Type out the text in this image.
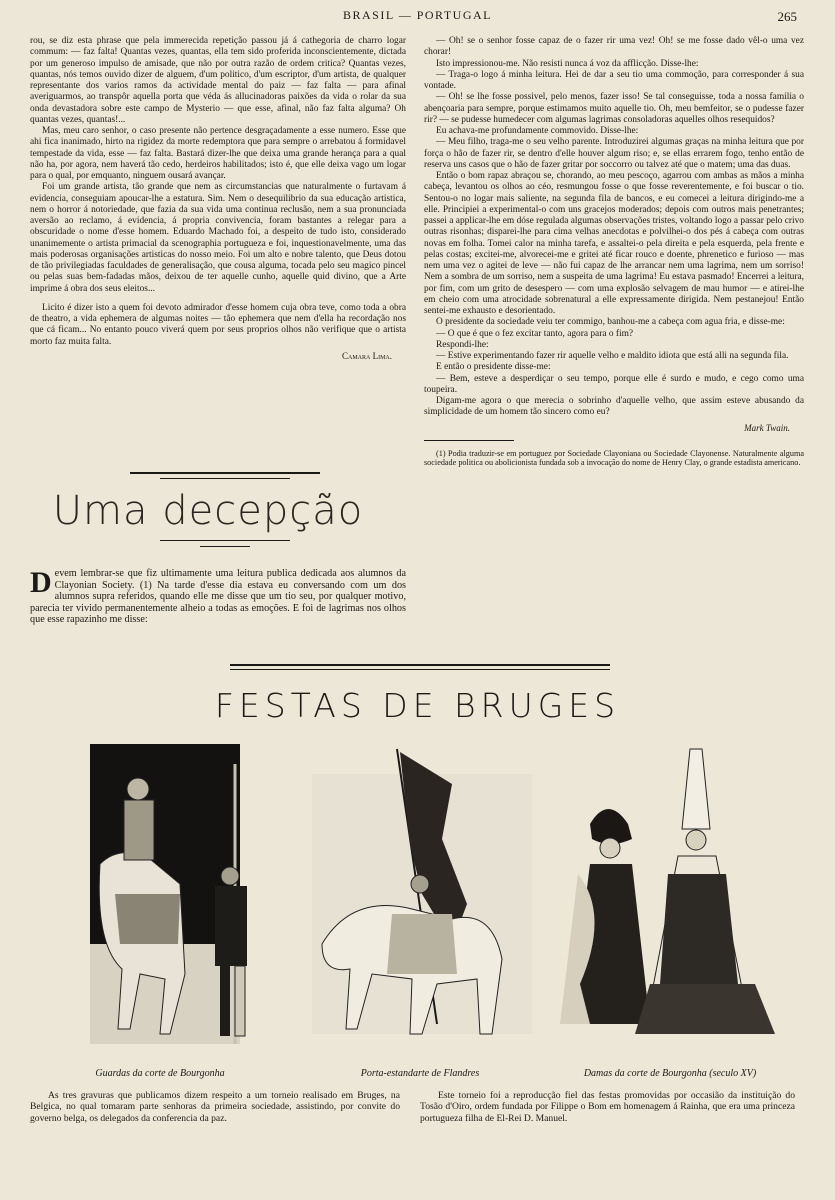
BRASIL — PORTUGAL	265

rou, se diz esta phrase que pela immerecida repetição passou já á cathegoria de charro logar commum: — faz falta! Quantas vezes, quantas, ella tem sido proferida inconscientemente, dictada por um generoso impulso de amisade, que não por outra razão de ordem critica? Quantas vezes, quantas, nós temos ouvido dizer de alguem, d'um politico, d'um escriptor, d'um artista, de qualquer representante dos varios ramos da actividade mental do paiz — faz falta — para afinal averiguarmos, ao transpôr aquella porta que véda ás allucinadoras paixões da vida o rolar da sua onda devastadora sobre este campo de Mysterio — que esse, afinal, não faz falta alguma? Oh quantas vezes, quantas!...

Mas, meu caro senhor, o caso presente não pertence desgraçadamente a esse numero. Esse que ahi fica inanimado, hirto na rigidez da morte redemptora que para sempre o arrebatou á formidavel tempestade da vida, esse — faz falta. Bastará dizer-lhe que deixa uma grande herança para a qual não ha, por agora, nem haverá tão cedo, herdeiros habilitados; isto é, que elle deixa vago um logar para o qual, por emquanto, ninguem ousará avançar.

Foi um grande artista, tão grande que nem as circumstancias que naturalmente o furtavam á evidencia, conseguiam apoucar-lhe a estatura. Sim. Nem o desequilibrio da sua educação artistica, nem o horror á notoriedade, que fazia da sua vida uma continua reclusão, nem a sua pronunciada aversão ao reclamo, á evidencia, á propria convivencia, foram bastantes a relegar para a obscuridade o nome d'esse homem. Eduardo Machado foi, a despeito de tudo isto, considerado unanimemente o artista primacial da scenographia portugueza e foi, inquestionavelmente, uma das mais poderosas organisações artisticas do nosso meio. Foi um alto e nobre talento, que Deus dotou de tão privilegiadas faculdades de generalisação, que cousa alguma, tocada pelo seu magico pincel ou pelas suas bem-fadadas mãos, deixou de ter aquelle cunho, aquelle quid divino, que a Arte imprime á obra dos seus eleitos...

Licito é dizer isto a quem foi devoto admirador d'esse homem cuja obra teve, como toda a obra de theatro, a vida ephemera de algumas noites — tão ephemera que nem d'ella ha recordação nos que cá ficam... No entanto pouco viverá quem por seus proprios olhos não verifique que o artista morto faz muita falta.

Camara Lima.
Uma decepção
Devem lembrar-se que fiz ultimamente uma leitura publica dedicada aos alumnos da Clayonian Society. (1) Na tarde d'esse dia estava eu conversando com um dos alumnos supra referidos, quando elle me disse que um tio seu, por qualquer motivo, parecia ter vivido permanentemente alheio a todas as emoções. E foi de lagrimas nos olhos que esse rapazinho me disse:

— Oh! se o senhor fosse capaz de o fazer rir uma vez! Oh! se me fosse dado vêl-o uma vez chorar!

Isto impressionou-me. Não resisti nunca á voz da afflicção. Disse-lhe:

— Traga-o logo á minha leitura. Hei de dar a seu tio uma commoção, para corresponder á sua vontade.

— Oh! se lhe fosse possivel, pelo menos, fazer isso! Se tal conseguisse, toda a nossa familia o abençoaria para sempre, porque estimamos muito aquelle tio. Oh, meu bemfeitor, se o pudesse fazer rir? — se pudesse humedecer com algumas lagrimas consoladoras aquelles olhos resequidos?

Eu achava-me profundamente commovido. Disse-lhe:

— Meu filho, traga-me o seu velho parente. Introduzirei algumas graças na minha leitura que por força o hão de fazer rir, se dentro d'elle houver algum riso; e, se ellas errarem fogo, tenho então de reserva uns casos que o hão de fazer gritar por soccorro ou talvez até que o matem; uma das duas.

Então o bom rapaz abraçou se, chorando, ao meu pescoço, agarrou com ambas as mãos a minha cabeça, levantou os olhos ao céo, resmungou fosse o que fosse reverentemente, e foi buscar o tio. Sentou-o no logar mais saliente, na segunda fila de bancos, e eu comecei a leitura dirigindo-me a elle. Principiei a experimental-o com uns gracejos moderados; depois com outros mais penetrantes; passei a applicar-lhe em dóse regulada algumas observações tristes, voltando logo a passar pelo crivo outras risonhas; disparei-lhe para cima velhas anecdotas e polvilhei-o dos pés á cabeça com outras novas em folha. Tomei calor na minha tarefa, e assaltei-o pela direita e pela esquerda, pela frente e pelas costas; excitei-me, alvorecei-me e gritei até ficar rouco e doente, phrenetico e furioso — mas nem uma vez o agitei de leve — não fui capaz de lhe arrancar nem uma lagrima, nem um sorriso! Nem a sombra de um sorriso, nem a suspeita de uma lagrima! Eu estava pasmado! Encerrei a leitura, por fim, com um grito de desespero — com uma explosão selvagem de mau humor — e atirei-lhe em cheio com uma atrocidade sobrenatural a elle expressamente dirigida. Nem pestanejou! Então sentei-me exhausto e desorientado.

O presidente da sociedade veiu ter commigo, banhou-me a cabeça com agua fria, e disse-me:

— O que é que o fez excitar tanto, agora para o fim?

Respondi-lhe:

— Estive experimentando fazer rir aquelle velho e maldito idiota que está alli na segunda fila.

E então o presidente disse-me:

— Bem, esteve a desperdiçar o seu tempo, porque elle é surdo e mudo, e cego como uma toupeira.

Digam-me agora o que merecia o sobrinho d'aquelle velho, que assim esteve abusando da simplicidade de um homem tão sincero como eu?

Mark Twain.
(1) Podia traduzir-se em portuguez por Sociedade Clayoniana ou Sociedade Clayonense. Naturalmente alguma sociedade politica ou abolicionista fundada sob a invocação do nome de Henry Clay, o grande estadista americano.
FESTAS DE BRUGES
Guardas da corte de Bourgonha	Porta-estandarte de Flandres	Damas da corte de Bourgonha (seculo XV)

As tres gravuras que publicamos dizem respeito a um torneio realisado em Bruges, na Belgica, no qual tomaram parte senhoras da primeira sociedade, assistindo, por convite do governo belga, os delegados da conferencia da paz.

Este torneio foi a reproducção fiel das festas promovidas por occasião da instituição do Tosão d'Oiro, ordem fundada por Filippe o Bom em homenagem á Rainha, que era uma princeza portugueza filha de El-Rei D. Manuel.
